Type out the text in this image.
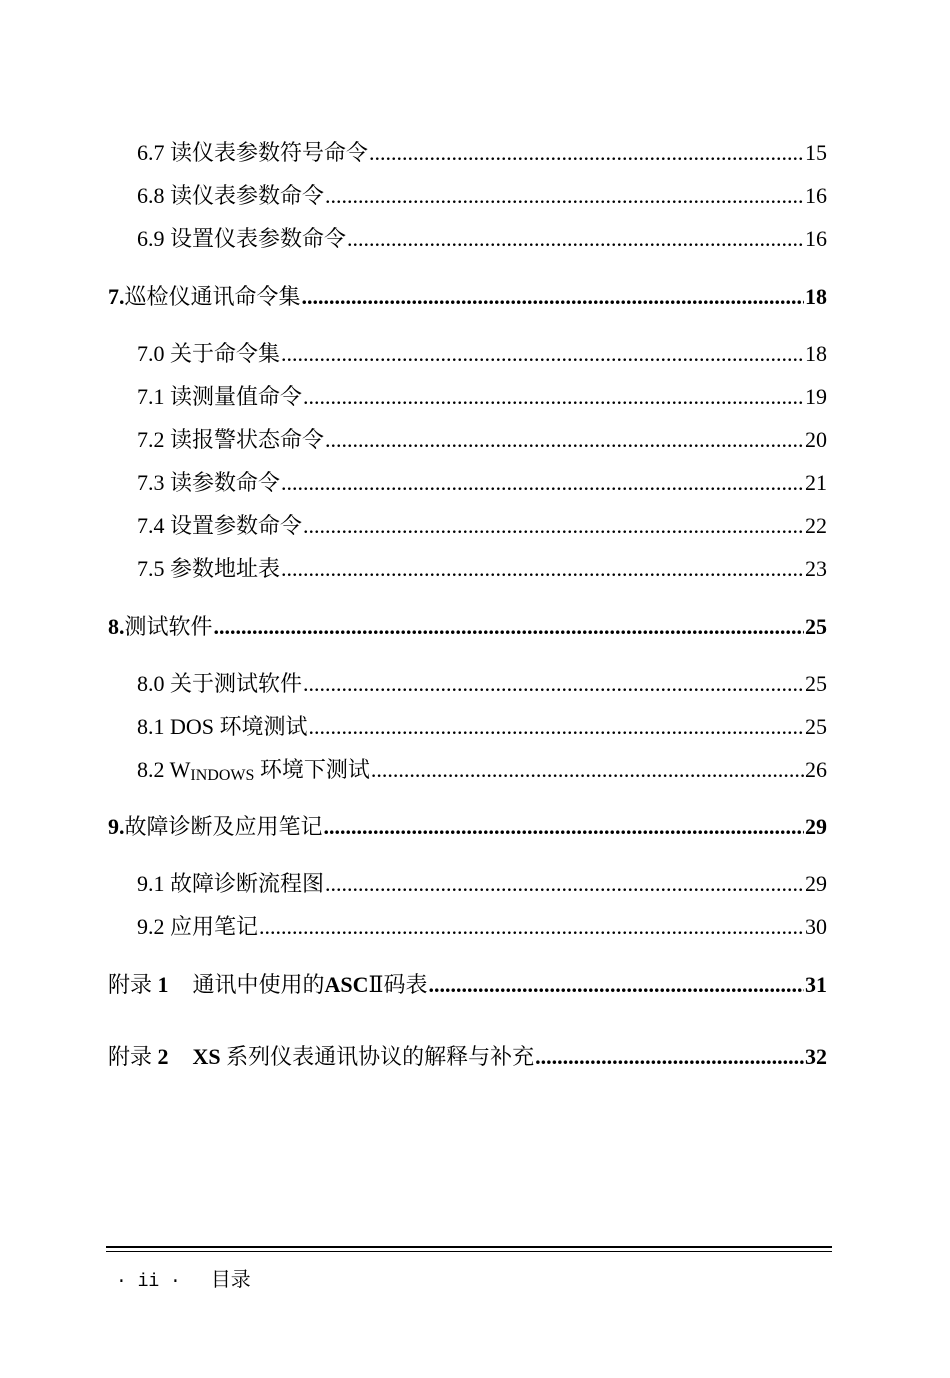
6.7 读仪表参数符号命令 .....	15
6.8 读仪表参数命令 .....	16
6.9 设置仪表参数命令 .....	16
7.巡检仪通讯命令集 .....	18
7.0 关于命令集 .....	18
7.1 读测量值命令 .....	19
7.2 读报警状态命令 .....	20
7.3 读参数命令 .....	21
7.4 设置参数命令 .....	22
7.5 参数地址表 .....	23
8.测试软件 .....	25
8.0 关于测试软件 .....	25
8.1 DOS 环境测试 .....	25
8.2 WINDOWS 环境下测试 .....	26
9.故障诊断及应用笔记 .....	29
9.1 故障诊断流程图 .....	29
9.2 应用笔记 .....	30
附录 1 通讯中使用的ASCⅡ码表 .....	31
附录 2 XS 系列仪表通讯协议的解释与补充 .....	32
· ii · 目录
